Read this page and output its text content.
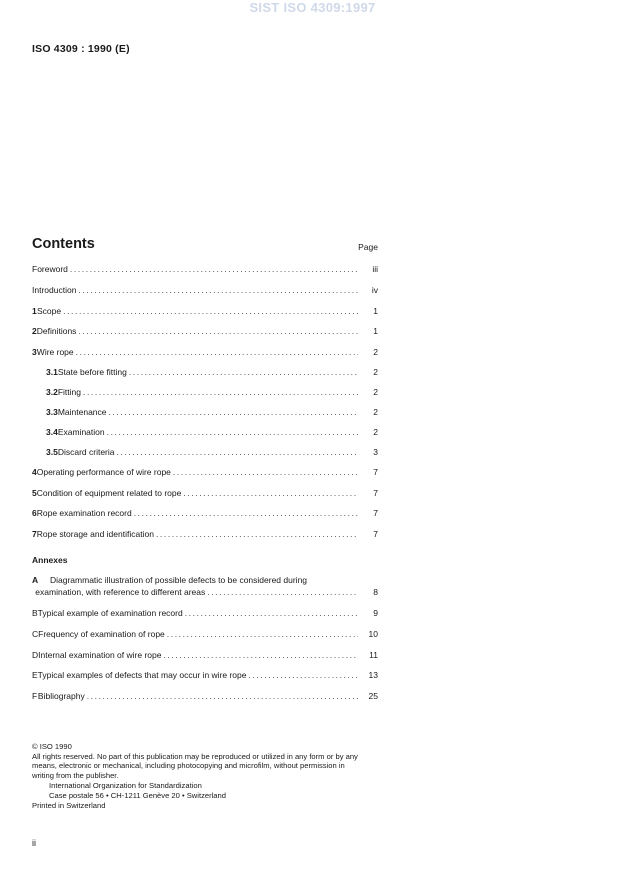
SIST ISO 4309:1997
ISO 4309 : 1990 (E)
Contents	Page
Foreword .....	iii
Introduction .....	iv
1 Scope .....	1
2 Definitions .....	1
3 Wire rope .....	2
3.1 State before fitting .....	2
3.2 Fitting .....	2
3.3 Maintenance .....	2
3.4 Examination .....	2
3.5 Discard criteria .....	3
4 Operating performance of wire rope .....	7
5 Condition of equipment related to rope .....	7
6 Rope examination record .....	7
7 Rope storage and identification .....	7
Annexes
A Diagrammatic illustration of possible defects to be considered during
examination, with reference to different areas .....	8
B Typical example of examination record .....	9
C Frequency of examination of rope .....	10
D Internal examination of wire rope .....	11
E Typical examples of defects that may occur in wire rope .....	13
F Bibliography .....	25
© ISO 1990
All rights reserved. No part of this publication may be reproduced or utilized in any form or by any
means, electronic or mechanical, including photocopying and microfilm, without permission in
writing from the publisher.
International Organization for Standardization
Case postale 56 • CH-1211 Genève 20 • Switzerland
Printed in Switzerland
ii
